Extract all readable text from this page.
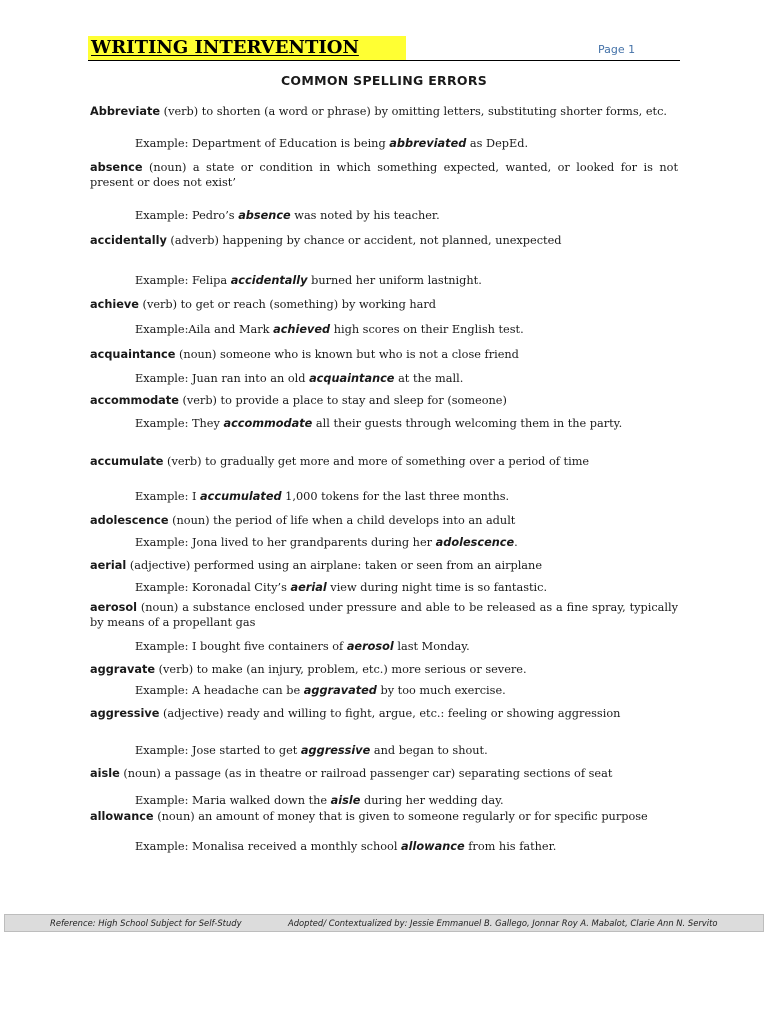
WRITING INTERVENTION	Page 1
COMMON SPELLING ERRORS
Abbreviate (verb) to shorten (a word or phrase) by omitting letters, substituting shorter forms, etc.
Example: Department of Education is being abbreviated as DepEd.
absence (noun) a state or condition in which something expected, wanted, or looked for is not present or does not exist’
Example: Pedro’s absence was noted by his teacher.
accidentally (adverb) happening by chance or accident, not planned, unexpected
Example: Felipa accidentally burned her uniform lastnight.
achieve (verb) to get or reach (something) by working hard
Example:Aila and Mark achieved high scores on their English test.
acquaintance (noun) someone who is known but who is not a close friend
Example: Juan ran into an old acquaintance at the mall.
accommodate (verb) to provide a place to stay and sleep for (someone)
Example: They accommodate all their guests through welcoming them in the party.
accumulate (verb) to gradually get more and more of something over a period of time
Example: I accumulated 1,000 tokens for the last three months.
adolescence (noun) the period of life when a child develops into an adult
Example: Jona lived to her grandparents during her adolescence.
aerial (adjective) performed using an airplane: taken or seen from an airplane
Example: Koronadal City’s aerial view during night time is so fantastic.
aerosol (noun) a substance enclosed under pressure and able to be released as a fine spray, typically by means of a propellant gas
Example: I bought five containers of aerosol last Monday.
aggravate (verb) to make (an injury, problem, etc.) more serious or severe.
Example: A headache can be aggravated by too much exercise.
aggressive (adjective) ready and willing to fight, argue, etc.: feeling or showing aggression
Example: Jose started to get aggressive and began to shout.
aisle (noun) a passage (as in theatre or railroad passenger car) separating sections of seat
Example: Maria walked down the aisle during her wedding day.
allowance (noun) an amount of money that is given to someone regularly or for specific purpose
Example: Monalisa received a monthly school allowance from his father.
Reference: High School Subject for Self-Study	Adopted/ Contextualized by: Jessie Emmanuel B. Gallego, Jonnar Roy A. Mabalot, Clarie Ann N. Servito
